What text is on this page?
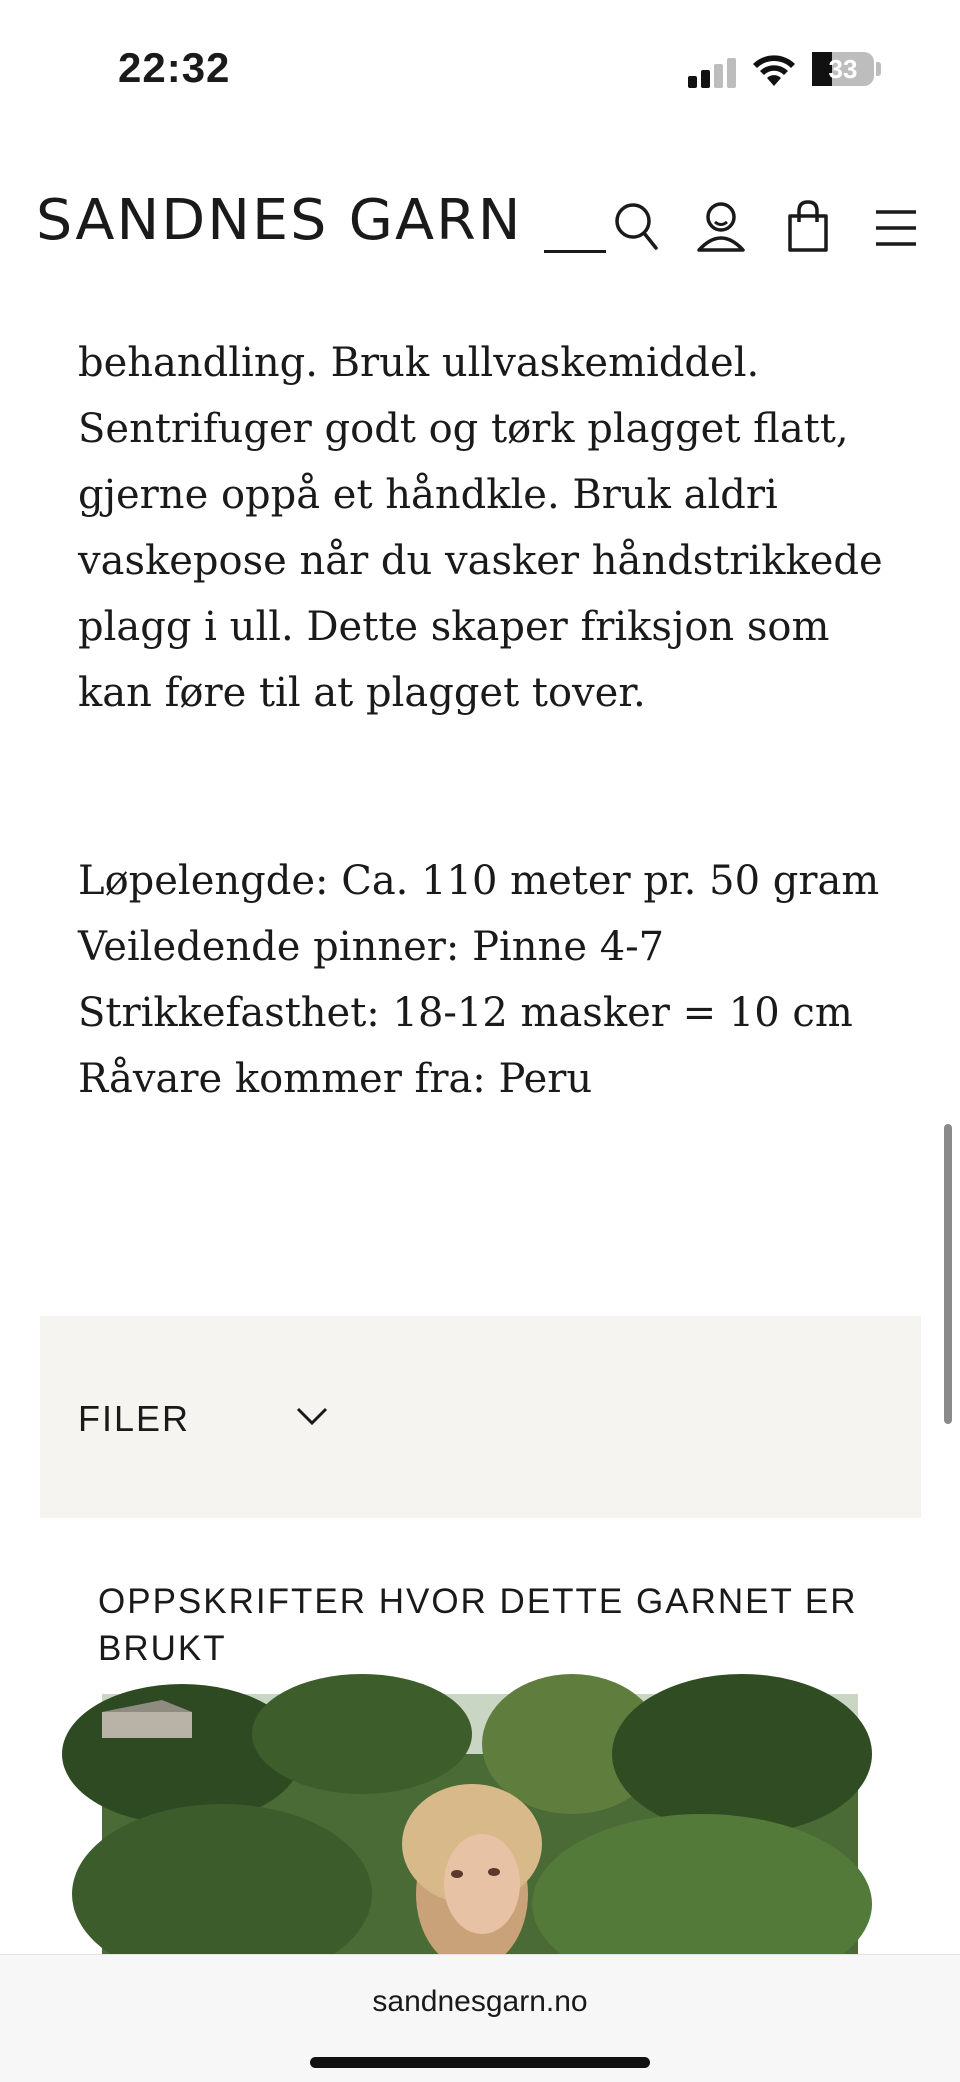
22:32	33
SANDNES GARN

behandling. Bruk ullvaskemiddel. Sentrifuger godt og tørk plagget flatt, gjerne oppå et håndkle. Bruk aldri vaskepose når du vasker håndstrikkede plagg i ull. Dette skaper friksjon som kan føre til at plagget tover.

Løpelengde: Ca. 110 meter pr. 50 gram
Veiledende pinner: Pinne 4-7
Strikkefasthet: 18-12 masker = 10 cm
Råvare kommer fra: Peru
FILER
OPPSKRIFTER HVOR DETTE GARNET ER BRUKT
sandnesgarn.no
